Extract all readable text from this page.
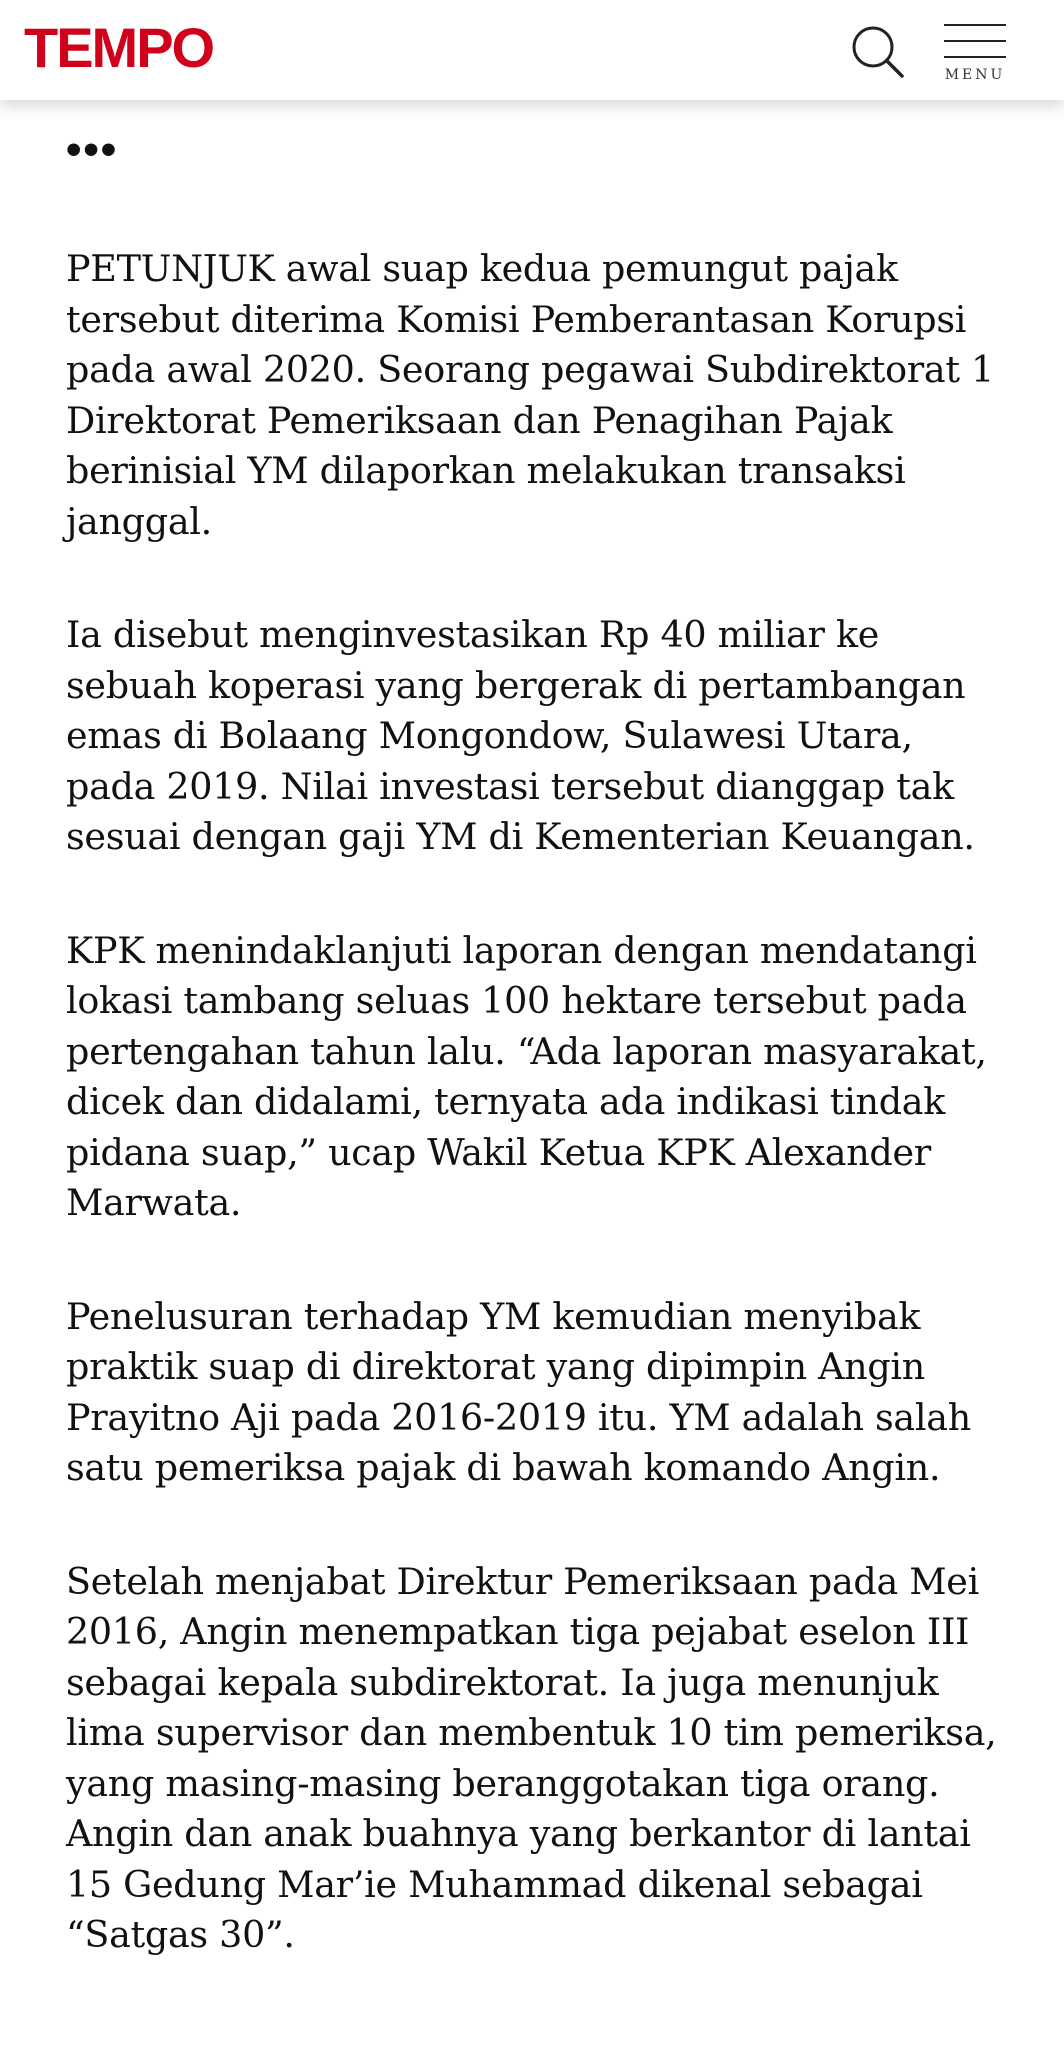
TEMPO	MENU
•••

PETUNJUK awal suap kedua pemungut pajak tersebut diterima Komisi Pemberantasan Korupsi pada awal 2020. Seorang pegawai Subdirektorat 1 Direktorat Pemeriksaan dan Penagihan Pajak berinisial YM dilaporkan melakukan transaksi janggal.

Ia disebut menginvestasikan Rp 40 miliar ke sebuah koperasi yang bergerak di pertambangan emas di Bolaang Mongondow, Sulawesi Utara, pada 2019. Nilai investasi tersebut dianggap tak sesuai dengan gaji YM di Kementerian Keuangan.

KPK menindaklanjuti laporan dengan mendatangi lokasi tambang seluas 100 hektare tersebut pada pertengahan tahun lalu. “Ada laporan masyarakat, dicek dan didalami, ternyata ada indikasi tindak pidana suap,” ucap Wakil Ketua KPK Alexander Marwata.

Penelusuran terhadap YM kemudian menyibak praktik suap di direktorat yang dipimpin Angin Prayitno Aji pada 2016-2019 itu. YM adalah salah satu pemeriksa pajak di bawah komando Angin.

Setelah menjabat Direktur Pemeriksaan pada Mei 2016, Angin menempatkan tiga pejabat eselon III sebagai kepala subdirektorat. Ia juga menunjuk lima supervisor dan membentuk 10 tim pemeriksa, yang masing-masing beranggotakan tiga orang. Angin dan anak buahnya yang berkantor di lantai 15 Gedung Mar’ie Muhammad dikenal sebagai “Satgas 30”.
